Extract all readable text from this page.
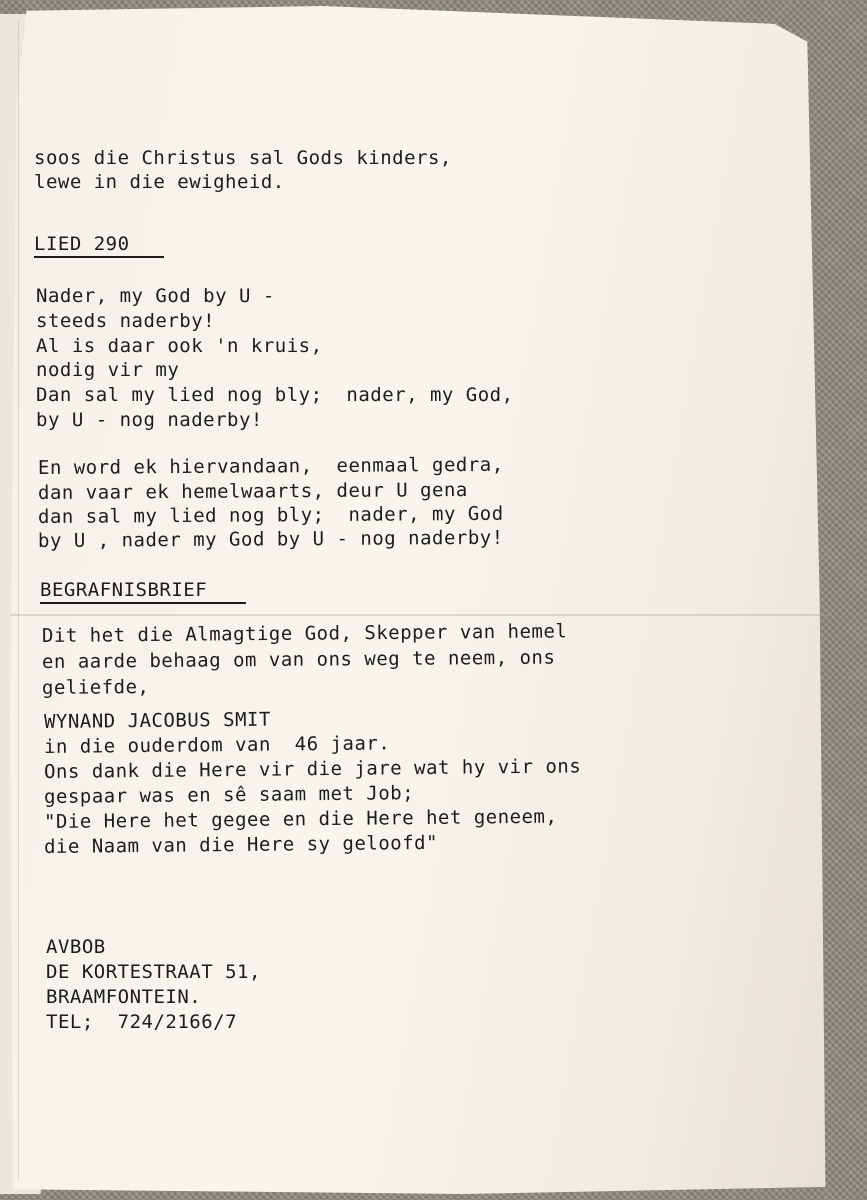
soos die Christus sal Gods kinders,
lewe in die ewigheid.
LIED 290
Nader, my God by U -
steeds naderby!
Al is daar ook 'n kruis,
nodig vir my
Dan sal my lied nog bly;  nader, my God,
by U - nog naderby!
En word ek hiervandaan,  eenmaal gedra,
dan vaar ek hemelwaarts, deur U gena
dan sal my lied nog bly;  nader, my God
by U , nader my God by U - nog naderby!
BEGRAFNISBRIEF
Dit het die Almagtige God, Skepper van hemel
en aarde behaag om van ons weg te neem, ons
geliefde,
WYNAND JACOBUS SMIT
in die ouderdom van  46 jaar.
Ons dank die Here vir die jare wat hy vir ons
gespaar was en sê saam met Job;
"Die Here het gegee en die Here het geneem,
die Naam van die Here sy geloofd"
AVBOB
DE KORTESTRAAT 51,
BRAAMFONTEIN.
TEL;  724/2166/7
